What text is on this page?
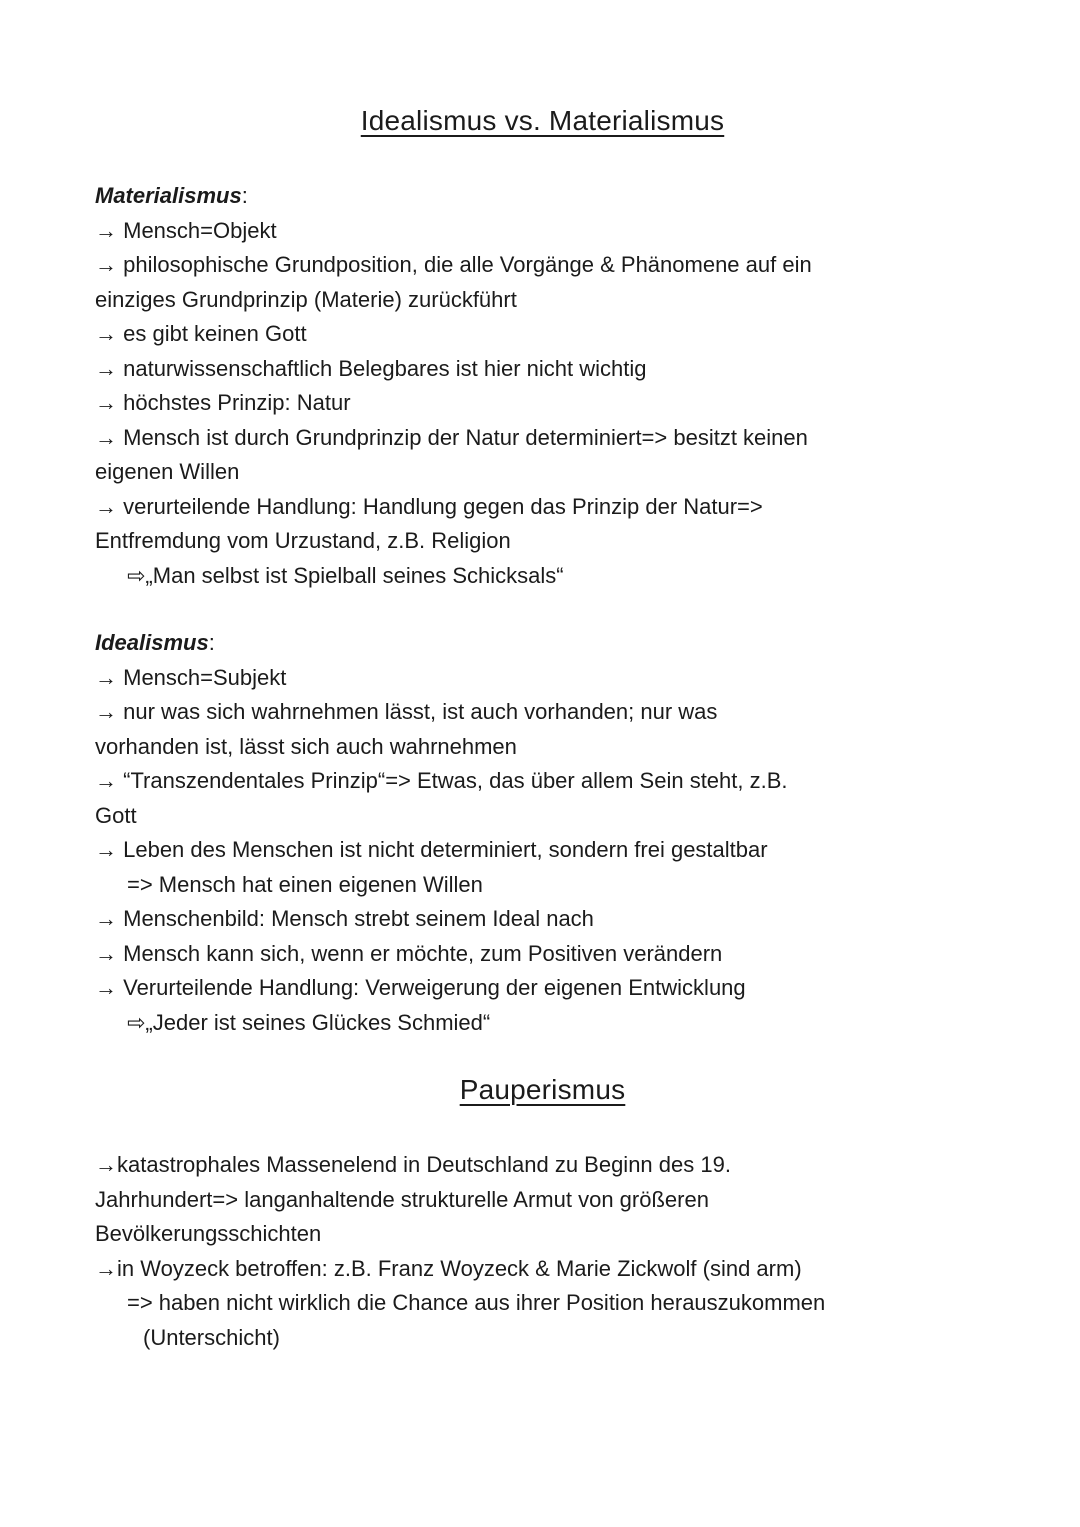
Idealismus vs. Materialismus

Materialismus:

→ Mensch=Objekt

→ philosophische Grundposition, die alle Vorgänge & Phänomene auf ein

einziges Grundprinzip (Materie) zurückführt

→ es gibt keinen Gott

→ naturwissenschaftlich Belegbares ist hier nicht wichtig

→ höchstes Prinzip: Natur

→ Mensch ist durch Grundprinzip der Natur determiniert=> besitzt keinen

eigenen Willen

→ verurteilende Handlung: Handlung gegen das Prinzip der Natur=>

Entfremdung vom Urzustand, z.B. Religion

⇨„Man selbst ist Spielball seines Schicksals“

Idealismus:

→ Mensch=Subjekt

→ nur was sich wahrnehmen lässt, ist auch vorhanden; nur was

vorhanden ist, lässt sich auch wahrnehmen

→ “Transzendentales Prinzip“=> Etwas, das über allem Sein steht, z.B.

Gott

→ Leben des Menschen ist nicht determiniert, sondern frei gestaltbar

=> Mensch hat einen eigenen Willen

→ Menschenbild: Mensch strebt seinem Ideal nach

→ Mensch kann sich, wenn er möchte, zum Positiven verändern

→ Verurteilende Handlung: Verweigerung der eigenen Entwicklung

⇨„Jeder ist seines Glückes Schmied“

Pauperismus

→katastrophales Massenelend in Deutschland zu Beginn des 19.

Jahrhundert=> langanhaltende strukturelle Armut von größeren

Bevölkerungsschichten

→in Woyzeck betroffen: z.B. Franz Woyzeck & Marie Zickwolf (sind arm)

=> haben nicht wirklich die Chance aus ihrer Position herauszukommen

(Unterschicht)
